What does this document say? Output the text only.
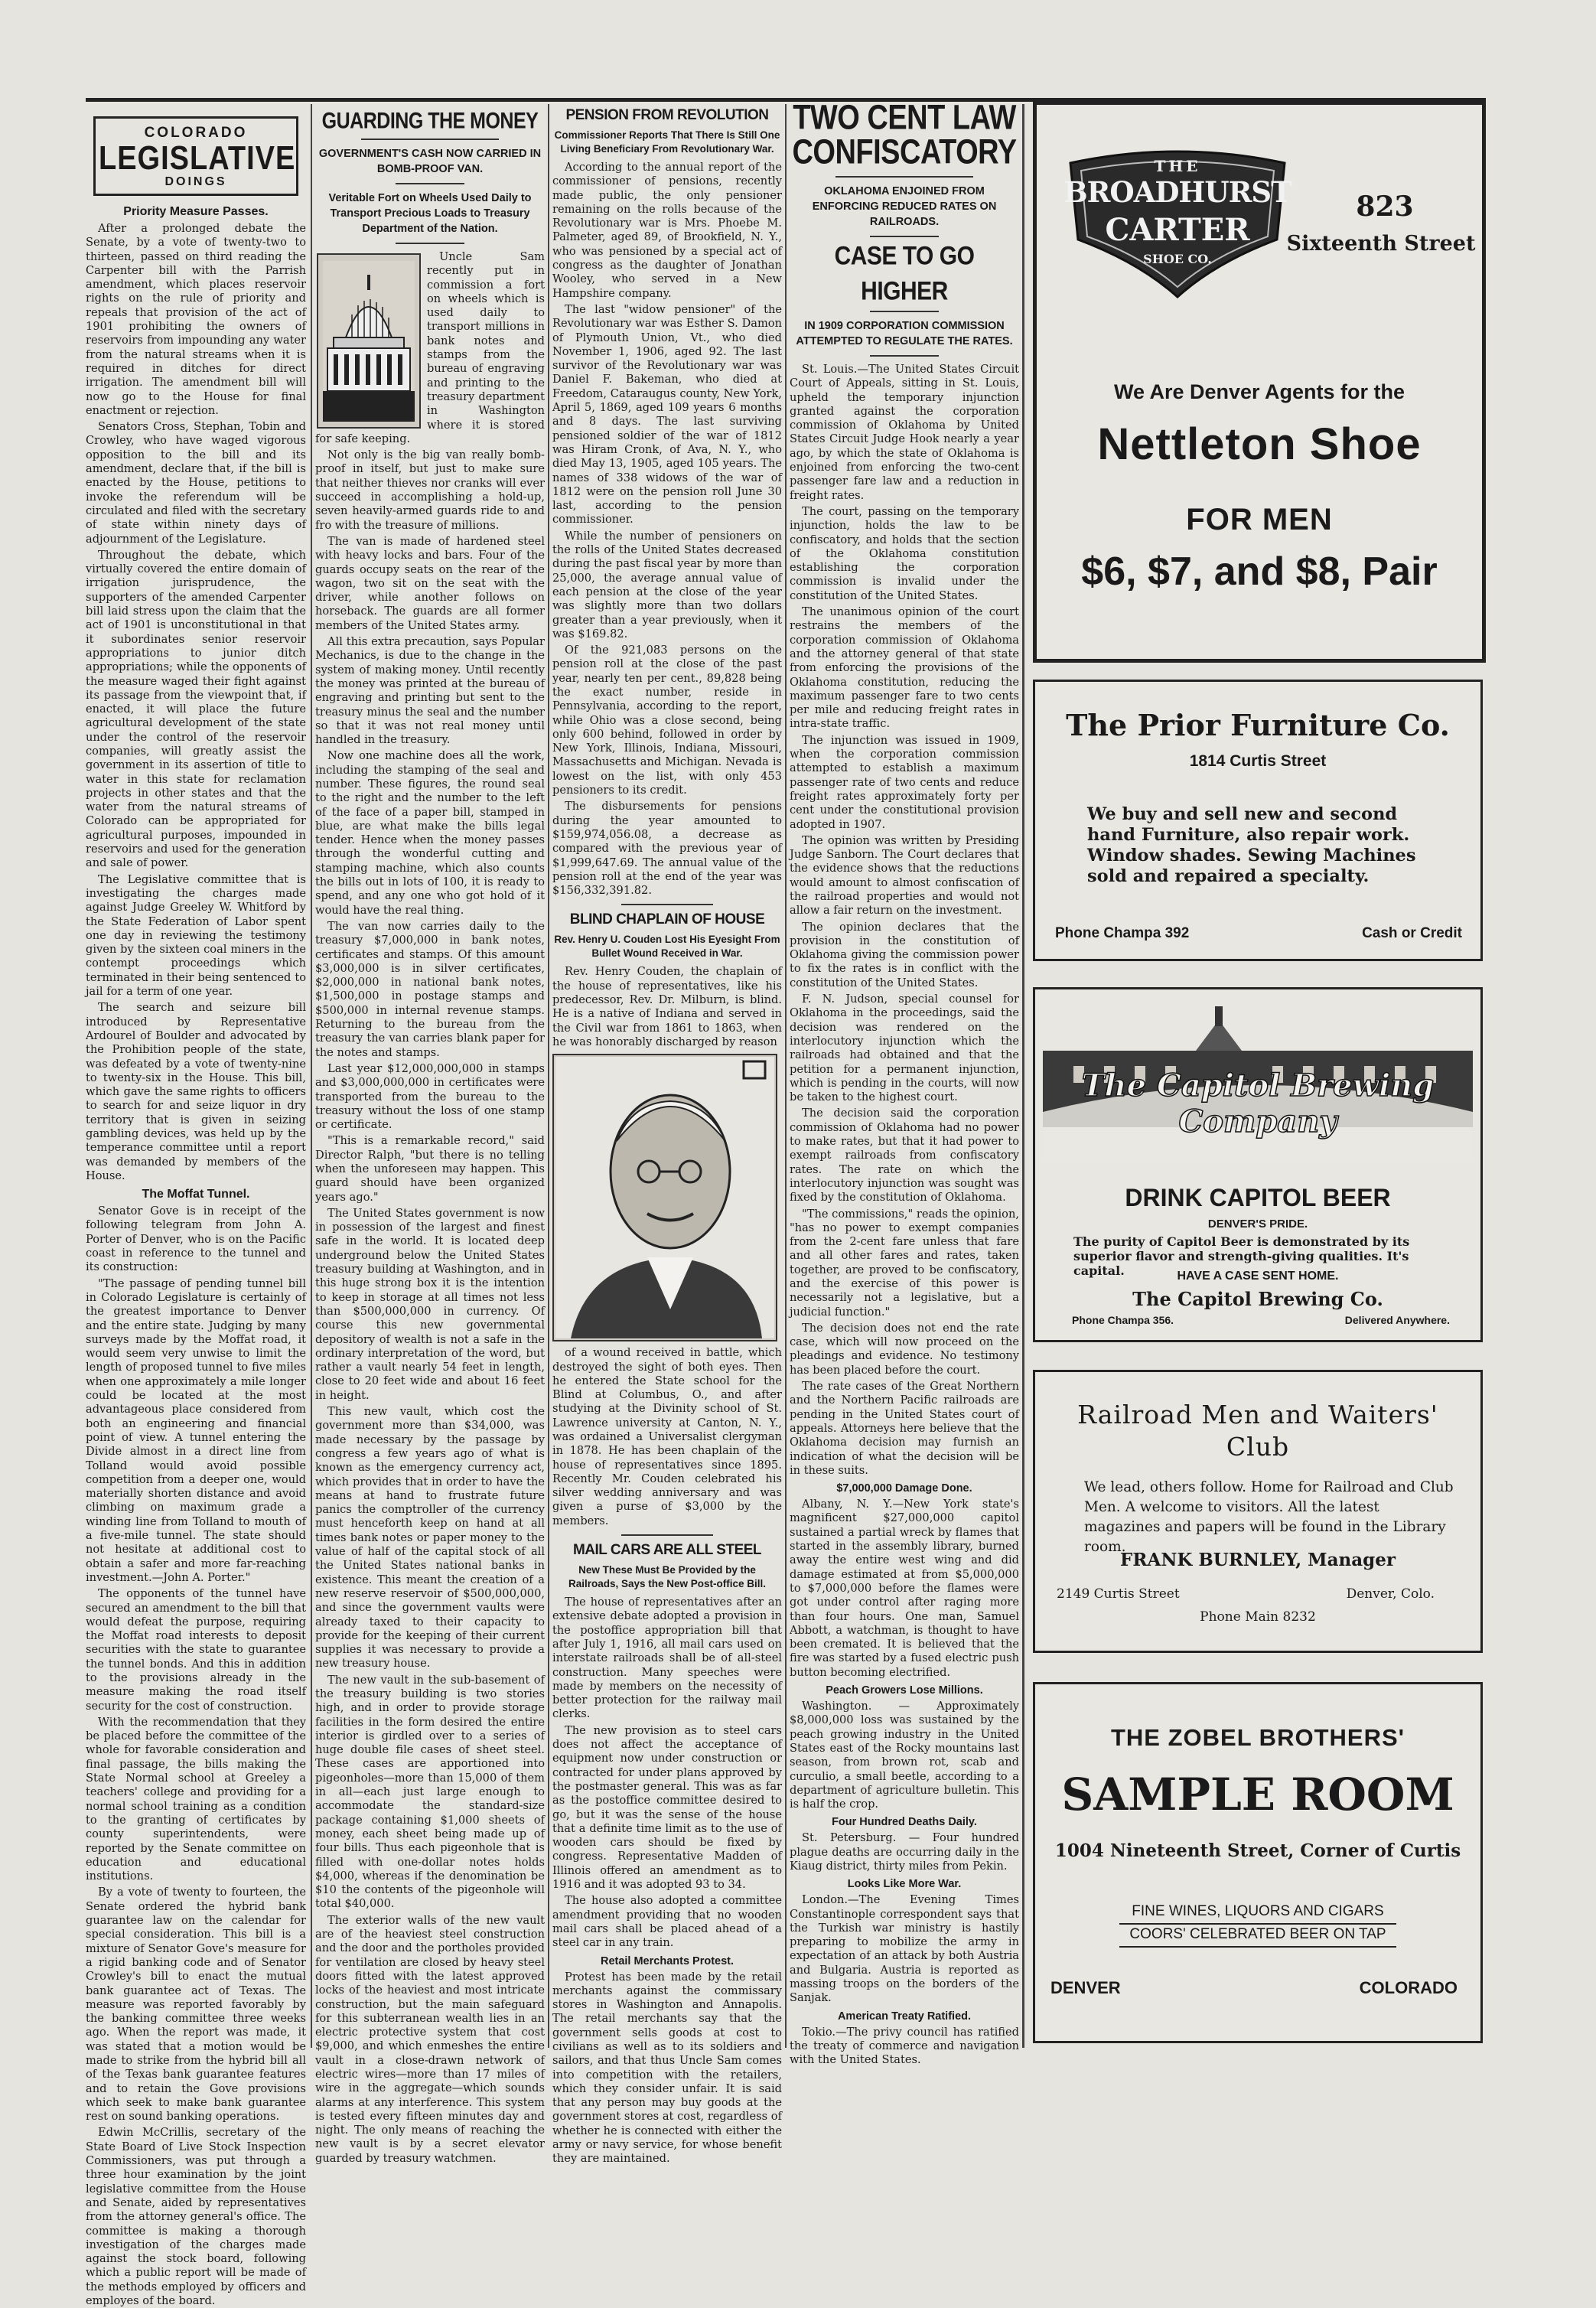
COLORADO
LEGISLATIVE
DOINGS
Priority Measure Passes.

After a prolonged debate the Senate, by a vote of twenty-two to thirteen, passed on third reading the Carpenter bill with the Parrish amendment, which places reservoir rights on the rule of priority and repeals that provision of the act of 1901 prohibiting the owners of reservoirs from impounding any water from the natural streams when it is required in ditches for direct irrigation. The amendment bill will now go to the House for final enactment or rejection.

Senators Cross, Stephan, Tobin and Crowley, who have waged vigorous opposition to the bill and its amendment, declare that, if the bill is enacted by the House, petitions to invoke the referendum will be circulated and filed with the secretary of state within ninety days of adjournment of the Legislature.

Throughout the debate, which virtually covered the entire domain of irrigation jurisprudence, the supporters of the amended Carpenter bill laid stress upon the claim that the act of 1901 is unconstitutional in that it subordinates senior reservoir appropriations to junior ditch appropriations; while the opponents of the measure waged their fight against its passage from the viewpoint that, if enacted, it will place the future agricultural development of the state under the control of the reservoir companies, will greatly assist the government in its assertion of title to water in this state for reclamation projects in other states and that the water from the natural streams of Colorado can be appropriated for agricultural purposes, impounded in reservoirs and used for the generation and sale of power.

The Legislative committee that is investigating the charges made against Judge Greeley W. Whitford by the State Federation of Labor spent one day in reviewing the testimony given by the sixteen coal miners in the contempt proceedings which terminated in their being sentenced to jail for a term of one year.

The search and seizure bill introduced by Representative Ardourel of Boulder and advocated by the Prohibition people of the state, was defeated by a vote of twenty-nine to twenty-six in the House. This bill, which gave the same rights to officers to search for and seize liquor in dry territory that is given in seizing gambling devices, was held up by the temperance committee until a report was demanded by members of the House.

The Moffat Tunnel.

Senator Gove is in receipt of the following telegram from John A. Porter of Denver, who is on the Pacific coast in reference to the tunnel and its construction:

"The passage of pending tunnel bill in Colorado Legislature is certainly of the greatest importance to Denver and the entire state. Judging by many surveys made by the Moffat road, it would seem very unwise to limit the length of proposed tunnel to five miles when one approximately a mile longer could be located at the most advantageous place considered from both an engineering and financial point of view. A tunnel entering the Divide almost in a direct line from Tolland would avoid possible competition from a deeper one, would materially shorten distance and avoid climbing on maximum grade a winding line from Tolland to mouth of a five-mile tunnel. The state should not hesitate at additional cost to obtain a safer and more far-reaching investment.—John A. Porter."

The opponents of the tunnel have secured an amendment to the bill that would defeat the purpose, requiring the Moffat road interests to deposit securities with the state to guarantee the tunnel bonds. And this in addition to the provisions already in the measure making the road itself security for the cost of construction.

With the recommendation that they be placed before the committee of the whole for favorable consideration and final passage, the bills making the State Normal school at Greeley a teachers' college and providing for a normal school training as a condition to the granting of certificates by county superintendents, were reported by the Senate committee on education and educational institutions.

By a vote of twenty to fourteen, the Senate ordered the hybrid bank guarantee law on the calendar for special consideration. This bill is a mixture of Senator Gove's measure for a rigid banking code and of Senator Crowley's bill to enact the mutual bank guarantee act of Texas. The measure was reported favorably by the banking committee three weeks ago. When the report was made, it was stated that a motion would be made to strike from the hybrid bill all of the Texas bank guarantee features and to retain the Gove provisions which seek to make bank guarantee rest on sound banking operations.

Edwin McCrillis, secretary of the State Board of Live Stock Inspection Commissioners, was put through a three hour examination by the joint legislative committee from the House and Senate, aided by representatives from the attorney general's office. The committee is making a thorough investigation of the charges made against the stock board, following which a public report will be made of the methods employed by officers and employes of the board.

GUARDING THE MONEY
GOVERNMENT'S CASH NOW CARRIED IN BOMB-PROOF VAN.
Veritable Fort on Wheels Used Daily to Transport Precious Loads to Treasury Department of the Nation.

Uncle Sam recently put in commission a fort on wheels which is used daily to transport millions in bank notes and stamps from the bureau of engraving and printing to the treasury department in Washington where it is stored for safe keeping.

Not only is the big van really bomb-proof in itself, but just to make sure that neither thieves nor cranks will ever succeed in accomplishing a hold-up, seven heavily-armed guards ride to and fro with the treasure of millions.

The van is made of hardened steel with heavy locks and bars. Four of the guards occupy seats on the rear of the wagon, two sit on the seat with the driver, while another follows on horseback. The guards are all former members of the United States army.

All this extra precaution, says Popular Mechanics, is due to the change in the system of making money. Until recently the money was printed at the bureau of engraving and printing but sent to the treasury minus the seal and the number so that it was not real money until handled in the treasury.

Now one machine does all the work, including the stamping of the seal and number. These figures, the round seal to the right and the number to the left of the face of a paper bill, stamped in blue, are what make the bills legal tender. Hence when the money passes through the wonderful cutting and stamping machine, which also counts the bills out in lots of 100, it is ready to spend, and any one who got hold of it would have the real thing.

The van now carries daily to the treasury $7,000,000 in bank notes, certificates and stamps. Of this amount $3,000,000 is in silver certificates, $2,000,000 in national bank notes, $1,500,000 in postage stamps and $500,000 in internal revenue stamps. Returning to the bureau from the treasury the van carries blank paper for the notes and stamps.

Last year $12,000,000,000 in stamps and $3,000,000,000 in certificates were transported from the bureau to the treasury without the loss of one stamp or certificate.

"This is a remarkable record," said Director Ralph, "but there is no telling when the unforeseen may happen. This guard should have been organized years ago."

The United States government is now in possession of the largest and finest safe in the world. It is located deep underground below the United States treasury building at Washington, and in this huge strong box it is the intention to keep in storage at all times not less than $500,000,000 in currency. Of course this new governmental depository of wealth is not a safe in the ordinary interpretation of the word, but rather a vault nearly 54 feet in length, close to 20 feet wide and about 16 feet in height.

This new vault, which cost the government more than $34,000, was made necessary by the passage by congress a few years ago of what is known as the emergency currency act, which provides that in order to have the means at hand to frustrate future panics the comptroller of the currency must henceforth keep on hand at all times bank notes or paper money to the value of half of the capital stock of all the United States national banks in existence. This meant the creation of a new reserve reservoir of $500,000,000, and since the government vaults were already taxed to their capacity to provide for the keeping of their current supplies it was necessary to provide a new treasury house.

The new vault in the sub-basement of the treasury building is two stories high, and in order to provide storage facilities in the form desired the entire interior is girdled over to a series of huge double file cases of sheet steel. These cases are apportioned into pigeonholes—more than 15,000 of them in all—each just large enough to accommodate the standard-size package containing $1,000 sheets of money, each sheet being made up of four bills. Thus each pigeonhole that is filled with one-dollar notes holds $4,000, whereas if the denomination be $10 the contents of the pigeonhole will total $40,000.

The exterior walls of the new vault are of the heaviest steel construction and the door and the portholes provided for ventilation are closed by heavy steel doors fitted with the latest approved locks of the heaviest and most intricate construction, but the main safeguard for this subterranean wealth lies in an electric protective system that cost $9,000, and which enmeshes the entire vault in a close-drawn network of electric wires—more than 17 miles of wire in the aggregate—which sounds alarms at any interference. This system is tested every fifteen minutes day and night. The only means of reaching the new vault is by a secret elevator guarded by treasury watchmen.

PENSION FROM REVOLUTION
Commissioner Reports That There Is Still One Living Beneficiary From Revolutionary War.

According to the annual report of the commissioner of pensions, recently made public, the only pensioner remaining on the rolls because of the Revolutionary war is Mrs. Phoebe M. Palmeter, aged 89, of Brookfield, N. Y., who was pensioned by a special act of congress as the daughter of Jonathan Wooley, who served in a New Hampshire company.

The last "widow pensioner" of the Revolutionary war was Esther S. Damon of Plymouth Union, Vt., who died November 1, 1906, aged 92. The last survivor of the Revolutionary war was Daniel F. Bakeman, who died at Freedom, Cataraugus county, New York, April 5, 1869, aged 109 years 6 months and 8 days. The last surviving pensioned soldier of the war of 1812 was Hiram Cronk, of Ava, N. Y., who died May 13, 1905, aged 105 years. The names of 338 widows of the war of 1812 were on the pension roll June 30 last, according to the pension commissioner.

While the number of pensioners on the rolls of the United States decreased during the past fiscal year by more than 25,000, the average annual value of each pension at the close of the year was slightly more than two dollars greater than a year previously, when it was $169.82.

Of the 921,083 persons on the pension roll at the close of the past year, nearly ten per cent., 89,828 being the exact number, reside in Pennsylvania, according to the report, while Ohio was a close second, being only 600 behind, followed in order by New York, Illinois, Indiana, Missouri, Massachusetts and Michigan. Nevada is lowest on the list, with only 453 pensioners to its credit.

The disbursements for pensions during the year amounted to $159,974,056.08, a decrease as compared with the previous year of $1,999,647.69. The annual value of the pension roll at the end of the year was $156,332,391.82.

BLIND CHAPLAIN OF HOUSE
Rev. Henry U. Couden Lost His Eyesight From Bullet Wound Received in War.

Rev. Henry Couden, the chaplain of the house of representatives, like his predecessor, Rev. Dr. Milburn, is blind. He is a native of Indiana and served in the Civil war from 1861 to 1863, when he was honorably discharged by reason

of a wound received in battle, which destroyed the sight of both eyes. Then he entered the State school for the Blind at Columbus, O., and after studying at the Divinity school of St. Lawrence university at Canton, N. Y., was ordained a Universalist clergyman in 1878. He has been chaplain of the house of representatives since 1895. Recently Mr. Couden celebrated his silver wedding anniversary and was given a purse of $3,000 by the members.

MAIL CARS ARE ALL STEEL
New These Must Be Provided by the Railroads, Says the New Post-office Bill.

The house of representatives after an extensive debate adopted a provision in the postoffice appropriation bill that after July 1, 1916, all mail cars used on interstate railroads shall be of all-steel construction. Many speeches were made by members on the necessity of better protection for the railway mail clerks.

The new provision as to steel cars does not affect the acceptance of equipment now under construction or contracted for under plans approved by the postmaster general. This was as far as the postoffice committee desired to go, but it was the sense of the house that a definite time limit as to the use of wooden cars should be fixed by congress. Representative Madden of Illinois offered an amendment as to 1916 and it was adopted 93 to 34.

The house also adopted a committee amendment providing that no wooden mail cars shall be placed ahead of a steel car in any train.

Retail Merchants Protest.

Protest has been made by the retail merchants against the commissary stores in Washington and Annapolis. The retail merchants say that the government sells goods at cost to civilians as well as to its soldiers and sailors, and that thus Uncle Sam comes into competition with the retailers, which they consider unfair. It is said that any person may buy goods at the government stores at cost, regardless of whether he is connected with either the army or navy service, for whose benefit they are maintained.

TWO CENT LAW
CONFISCATORY
OKLAHOMA ENJOINED FROM ENFORCING REDUCED RATES ON RAILROADS.
CASE TO GO HIGHER
IN 1909 CORPORATION COMMISSION ATTEMPTED TO REGULATE THE RATES.

St. Louis.—The United States Circuit Court of Appeals, sitting in St. Louis, upheld the temporary injunction granted against the corporation commission of Oklahoma by United States Circuit Judge Hook nearly a year ago, by which the state of Oklahoma is enjoined from enforcing the two-cent passenger fare law and a reduction in freight rates.

The court, passing on the temporary injunction, holds the law to be confiscatory, and holds that the section of the Oklahoma constitution establishing the corporation commission is invalid under the constitution of the United States.

The unanimous opinion of the court restrains the members of the corporation commission of Oklahoma and the attorney general of that state from enforcing the provisions of the Oklahoma constitution, reducing the maximum passenger fare to two cents per mile and reducing freight rates in intra-state traffic.

The injunction was issued in 1909, when the corporation commission attempted to establish a maximum passenger rate of two cents and reduce freight rates approximately forty per cent under the constitutional provision adopted in 1907.

The opinion was written by Presiding Judge Sanborn. The Court declares that the evidence shows that the reductions would amount to almost confiscation of the railroad properties and would not allow a fair return on the investment.

The opinion declares that the provision in the constitution of Oklahoma giving the commission power to fix the rates is in conflict with the constitution of the United States.

F. N. Judson, special counsel for Oklahoma in the proceedings, said the decision was rendered on the interlocutory injunction which the railroads had obtained and that the petition for a permanent injunction, which is pending in the courts, will now be taken to the highest court.

The decision said the corporation commission of Oklahoma had no power to make rates, but that it had power to exempt railroads from confiscatory rates. The rate on which the interlocutory injunction was sought was fixed by the constitution of Oklahoma.

"The commissions," reads the opinion, "has no power to exempt companies from the 2-cent fare unless that fare and all other fares and rates, taken together, are proved to be confiscatory, and the exercise of this power is necessarily not a legislative, but a judicial function."

The decision does not end the rate case, which will now proceed on the pleadings and evidence. No testimony has been placed before the court.

The rate cases of the Great Northern and the Northern Pacific railroads are pending in the United States court of appeals. Attorneys here believe that the Oklahoma decision may furnish an indication of what the decision will be in these suits.

$7,000,000 Damage Done.

Albany, N. Y.—New York state's magnificent $27,000,000 capitol sustained a partial wreck by flames that started in the assembly library, burned away the entire west wing and did damage estimated at from $5,000,000 to $7,000,000 before the flames were got under control after raging more than four hours. One man, Samuel Abbott, a watchman, is thought to have been cremated. It is believed that the fire was started by a fused electric push button becoming electrified.

Peach Growers Lose Millions.

Washington. — Approximately $8,000,000 loss was sustained by the peach growing industry in the United States east of the Rocky mountains last season, from brown rot, scab and curculio, a small beetle, according to a department of agriculture bulletin. This is half the crop.

Four Hundred Deaths Daily.

St. Petersburg. — Four hundred plague deaths are occurring daily in the Kiaug district, thirty miles from Pekin.

Looks Like More War.

London.—The Evening Times Constantinople correspondent says that the Turkish war ministry is hastily preparing to mobilize the army in expectation of an attack by both Austria and Bulgaria. Austria is reported as massing troops on the borders of the Sanjak.

American Treaty Ratified.

Tokio.—The privy council has ratified the treaty of commerce and navigation with the United States.

THE
BROADHURST
CARTER
SHOE CO.
823
Sixteenth Street
We Are Denver Agents for the
Nettleton Shoe
FOR MEN
$6, $7, and $8, Pair
The Prior Furniture Co.
1814 Curtis Street
We buy and sell new and second hand Furniture, also repair work. Window shades. Sewing Machines sold and repaired a specialty.
Phone Champa 392	Cash or Credit
The Capitol Brewing Company
DRINK CAPITOL BEER
DENVER'S PRIDE.
The purity of Capitol Beer is demonstrated by its superior flavor and strength-giving qualities. It's capital.	HAVE A CASE SENT HOME.
The Capitol Brewing Co.
Phone Champa 356.	Delivered Anywhere.
Railroad Men and Waiters'
Club
We lead, others follow. Home for Railroad and Club Men. A welcome to visitors. All the latest magazines and papers will be found in the Library room.
FRANK BURNLEY, Manager
2149 Curtis Street	Denver, Colo.
Phone Main 8232
THE ZOBEL BROTHERS'
SAMPLE ROOM
1004 Nineteenth Street, Corner of Curtis
FINE WINES, LIQUORS AND CIGARS
COORS' CELEBRATED BEER ON TAP
DENVER	COLORADO
